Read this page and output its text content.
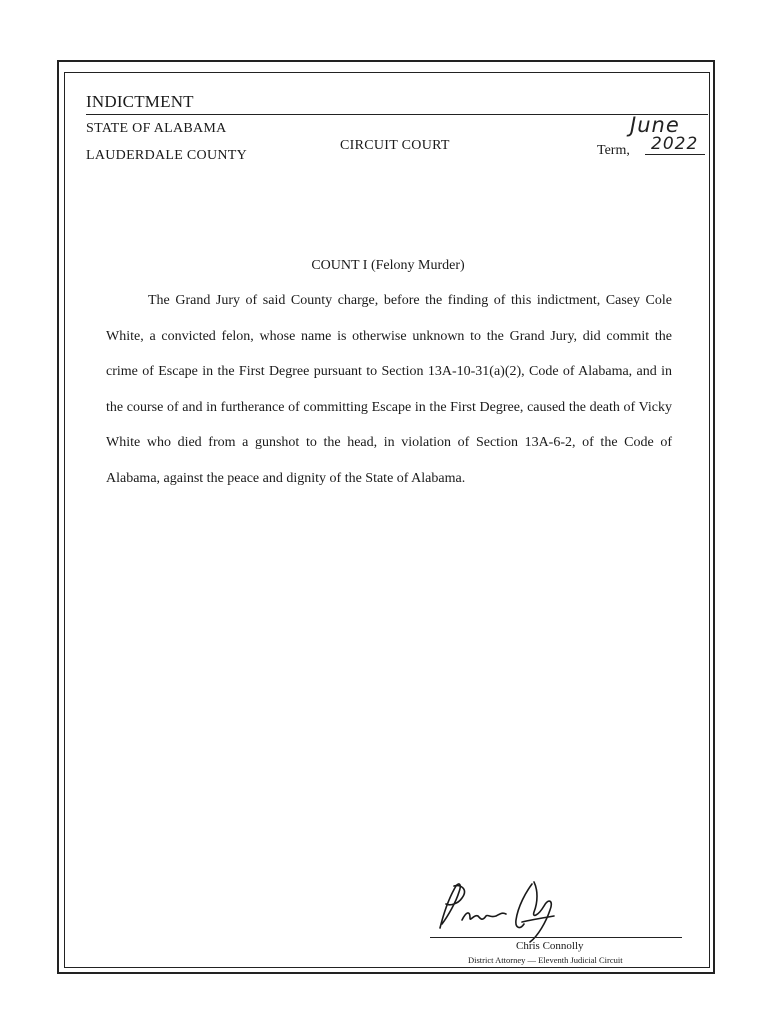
INDICTMENT
STATE OF ALABAMA
LAUDERDALE COUNTY
CIRCUIT COURT	Term,
June
2022
COUNT I (Felony Murder)
The Grand Jury of said County charge, before the finding of this indictment, Casey Cole White, a convicted felon, whose name is otherwise unknown to the Grand Jury, did commit the crime of Escape in the First Degree pursuant to Section 13A-10-31(a)(2), Code of Alabama, and in the course of and in furtherance of committing Escape in the First Degree, caused the death of Vicky White who died from a gunshot to the head, in violation of Section 13A-6-2, of the Code of Alabama, against the peace and dignity of the State of Alabama.
Chris Connolly
District Attorney — Eleventh Judicial Circuit
